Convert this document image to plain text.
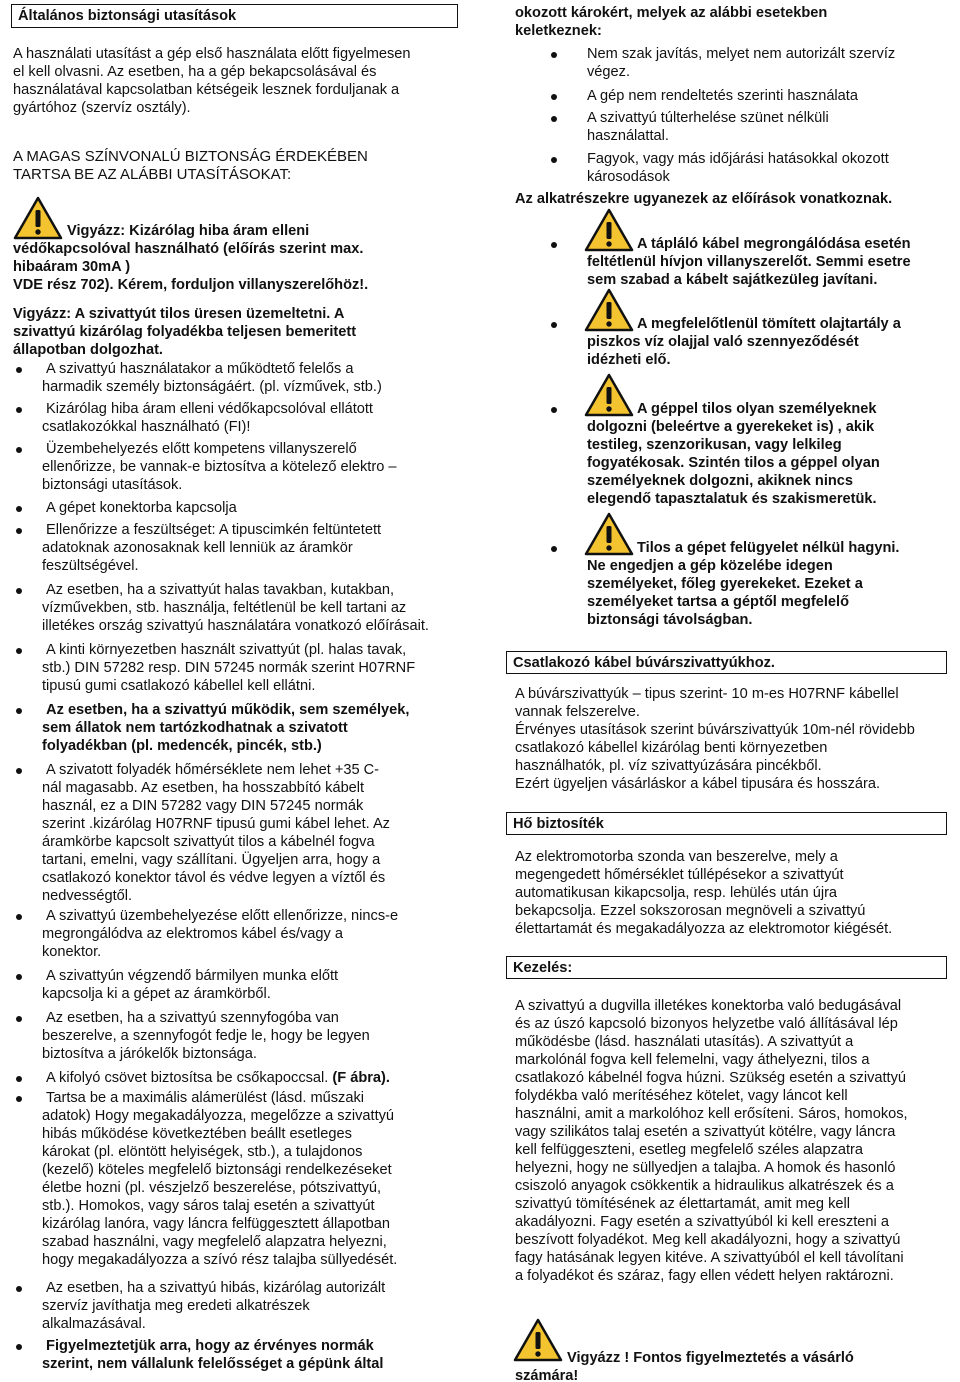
Általános biztonsági utasítások

A használati utasítást a gép első használata előtt figyelmesen

el kell olvasni. Az esetben, ha a gép bekapcsolásával és

használatával kapcsolatban kétségeik lesznek forduljanak a

gyártóhoz (szervíz osztály).

A MAGAS SZÍNVONALÚ BIZTONSÁG ÉRDEKÉBEN

TARTSA BE AZ ALÁBBI UTASÍTÁSOKAT:

Vigyázz: Kizárólag hiba áram elleni

védőkapcsolóval használható (előírás szerint max.

hibaáram 30mA )

VDE rész 702). Kérem, forduljon villanyszerelőhöz!.

Vigyázz: A szivattyút tilos üresen üzemeltetni. A

szivattyú kizárólag folyadékba teljesen bemeritett

állapotban dolgozhat.

A szivattyú használatakor a működtető felelős a

harmadik személy biztonságáért. (pl. vízművek, stb.)

Kizárólag hiba áram elleni védőkapcsolóval ellátott

csatlakozókkal használható (FI)!

Üzembehelyezés előtt kompetens villanyszerelő

ellenőrizze, be vannak-e biztosítva a kötelező elektro –

biztonsági utasítások.

A gépet konektorba kapcsolja

Ellenőrizze a feszültséget: A tipuscimkén feltüntetett

adatoknak azonosaknak kell lenniük az áramkör

feszültségével.

Az esetben, ha a szivattyút halas tavakban, kutakban,

vízművekben, stb. használja, feltétlenül be kell tartani az

illetékes ország szivattyú használatára vonatkozó előírásait.

A kinti környezetben használt szivattyút (pl. halas tavak,

stb.) DIN 57282 resp. DIN 57245 normák szerint H07RNF

tipusú gumi csatlakozó kábellel kell ellátni.

Az esetben, ha a szivattyú működik, sem személyek,

sem állatok nem tartózkodhatnak a szivatott

folyadékban (pl. medencék, pincék, stb.)

A szivatott folyadék hőmérséklete nem lehet +35 C-

nál magasabb. Az esetben, ha hosszabbító kábelt

használ, ez a DIN 57282 vagy DIN 57245 normák

szerint .kizárólag H07RNF tipusú gumi kábel lehet. Az

áramkörbe kapcsolt szivattyút tilos a kábelnél fogva

tartani, emelni, vagy szállítani. Ügyeljen arra, hogy a

csatlakozó konektor távol és védve legyen a víztől és

nedvességtől.

A szivattyú üzembehelyezése előtt ellenőrizze, nincs-e

megrongálódva az elektromos kábel és/vagy a

konektor.

A szivattyún végzendő bármilyen munka előtt

kapcsolja ki a gépet az áramkörből.

Az esetben, ha a szivattyú szennyfogóba van

beszerelve, a szennyfogót fedje le, hogy be legyen

biztosítva a járókelők biztonsága.

A kifolyó csövet biztosítsa be csőkapoccsal. (F ábra).

Tartsa be a maximális alámerülést (lásd. műszaki

adatok) Hogy megakadályozza, megelőzze a szivattyú

hibás működése következtében beállt esetleges

károkat (pl. elöntött helyiségek, stb.), a tulajdonos

(kezelő) köteles megfelelő biztonsági rendelkezéseket

életbe hozni (pl. vészjelző beszerelése, pótszivattyú,

stb.). Homokos, vagy sáros talaj esetén a szivattyút

kizárólag lanóra, vagy láncra felfüggesztett állapotban

szabad használni, vagy megfelelő alapzatra helyezni,

hogy megakadályozza a szívó rész talajba süllyedését.

Az esetben, ha a szivattyú hibás, kizárólag autorizált

szervíz javíthatja meg eredeti alkatrészek

alkalmazásával.

Figyelmeztetjük arra, hogy az érvényes normák

szerint, nem vállalunk felelősséget a gépünk által

okozott károkért, melyek az alábbi esetekben

keletkeznek:

Nem szak javítás, melyet nem autorizált szervíz

végez.

A gép nem rendeltetés szerinti használata

A szivattyú túlterhelése szünet nélküli

használattal.

Fagyok, vagy más időjárási hatásokkal okozott

károsodások

Az alkatrészekre ugyanezek az előírások vonatkoznak.

A tápláló kábel megrongálódása esetén

feltétlenül hívjon villanyszerelőt. Semmi esetre

sem szabad a kábelt sajátkezüleg javítani.

A megfelelőtlenül tömített olajtartály a

piszkos víz olajjal való szennyeződését

idézheti elő.

A géppel tilos olyan személyeknek

dolgozni (beleértve a gyerekeket is) , akik

testileg, szenzorikusan, vagy lelkileg

fogyatékosak. Szintén tilos a géppel olyan

személyeknek dolgozni, akiknek nincs

elegendő tapasztalatuk és szakismeretük.

Tilos a gépet felügyelet nélkül hagyni.

Ne engedjen a gép közelébe idegen

személyeket, főleg gyerekeket. Ezeket a

személyeket tartsa a géptől megfelelő

biztonsági távolságban.

Csatlakozó kábel búvárszivattyúkhoz.

A búvárszivattyúk – tipus szerint- 10 m-es H07RNF kábellel

vannak felszerelve.

Érvényes utasítások szerint búvárszivattyúk 10m-nél rövidebb

csatlakozó kábellel kizárólag benti környezetben

használhatók, pl. víz szivattyúzására pincékből.

Ezért ügyeljen vásárláskor a kábel tipusára és hosszára.

Hő biztosíték

Az elektromotorba szonda van beszerelve, mely a

megengedett hőmérséklet túllépésekor a szivattyút

automatikusan kikapcsolja, resp. lehülés után újra

bekapcsolja. Ezzel sokszorosan megnöveli a szivattyú

élettartamát és megakadályozza az elektromotor kiégését.

Kezelés:

A szivattyú a dugvilla illetékes konektorba való bedugásával

és az úszó kapcsoló bizonyos helyzetbe való állításával lép

működésbe (lásd. használati utasítás). A szivattyút a

markolónál fogva kell felemelni, vagy áthelyezni, tilos a

csatlakozó kábelnél fogva húzni. Szükség esetén a szivattyú

folydékba való merítéséhez kötelet, vagy láncot kell

használni, amit a markolóhoz kell erősíteni. Sáros, homokos,

vagy szilikátos talaj esetén a szivattyút kötélre, vagy láncra

kell felfüggeszteni, esetleg megfelelő széles alapzatra

helyezni, hogy ne süllyedjen a talajba. A homok és hasonló

csiszoló anyagok csökkentik a hidraulikus alkatrészek és a

szivattyú tömítésének az élettartamát, amit meg kell

akadályozni. Fagy esetén a szivattyúból ki kell ereszteni a

beszívott folyadékot. Meg kell akadályozni, hogy a szivattyú

fagy hatásának legyen kitéve. A szivattyúból el kell távolítani

a folyadékot és száraz, fagy ellen védett helyen raktározni.

Vigyázz ! Fontos figyelmeztetés a vásárló

számára!
